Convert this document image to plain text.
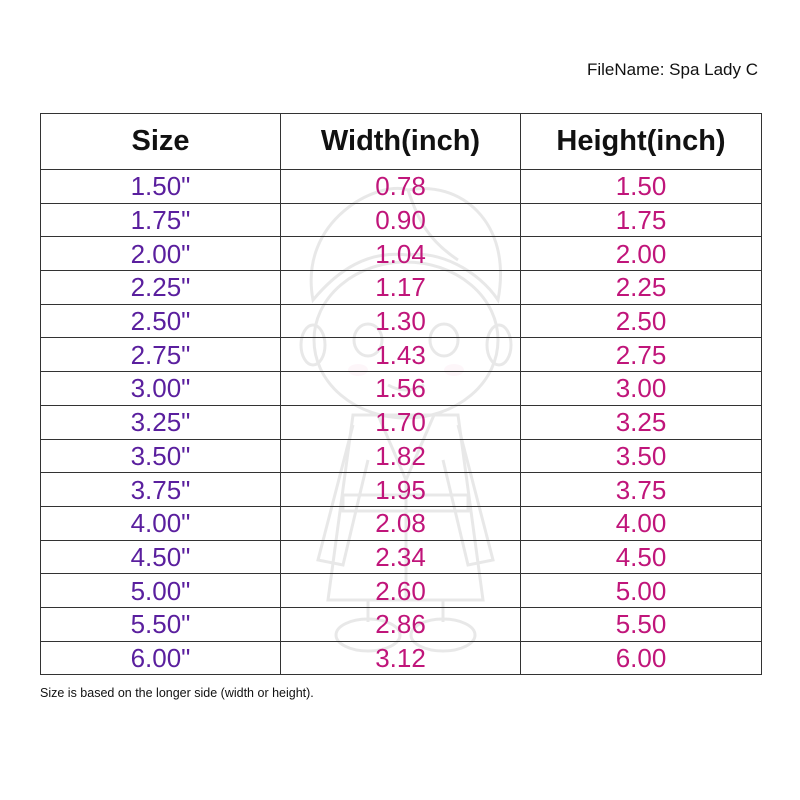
FileName: Spa Lady C
Size	Width(inch)	Height(inch)
1.50"	0.78	1.50
1.75"	0.90	1.75
2.00"	1.04	2.00
2.25"	1.17	2.25
2.50"	1.30	2.50
2.75"	1.43	2.75
3.00"	1.56	3.00
3.25"	1.70	3.25
3.50"	1.82	3.50
3.75"	1.95	3.75
4.00"	2.08	4.00
4.50"	2.34	4.50
5.00"	2.60	5.00
5.50"	2.86	5.50
6.00"	3.12	6.00
Size is based on the longer side (width or height).
